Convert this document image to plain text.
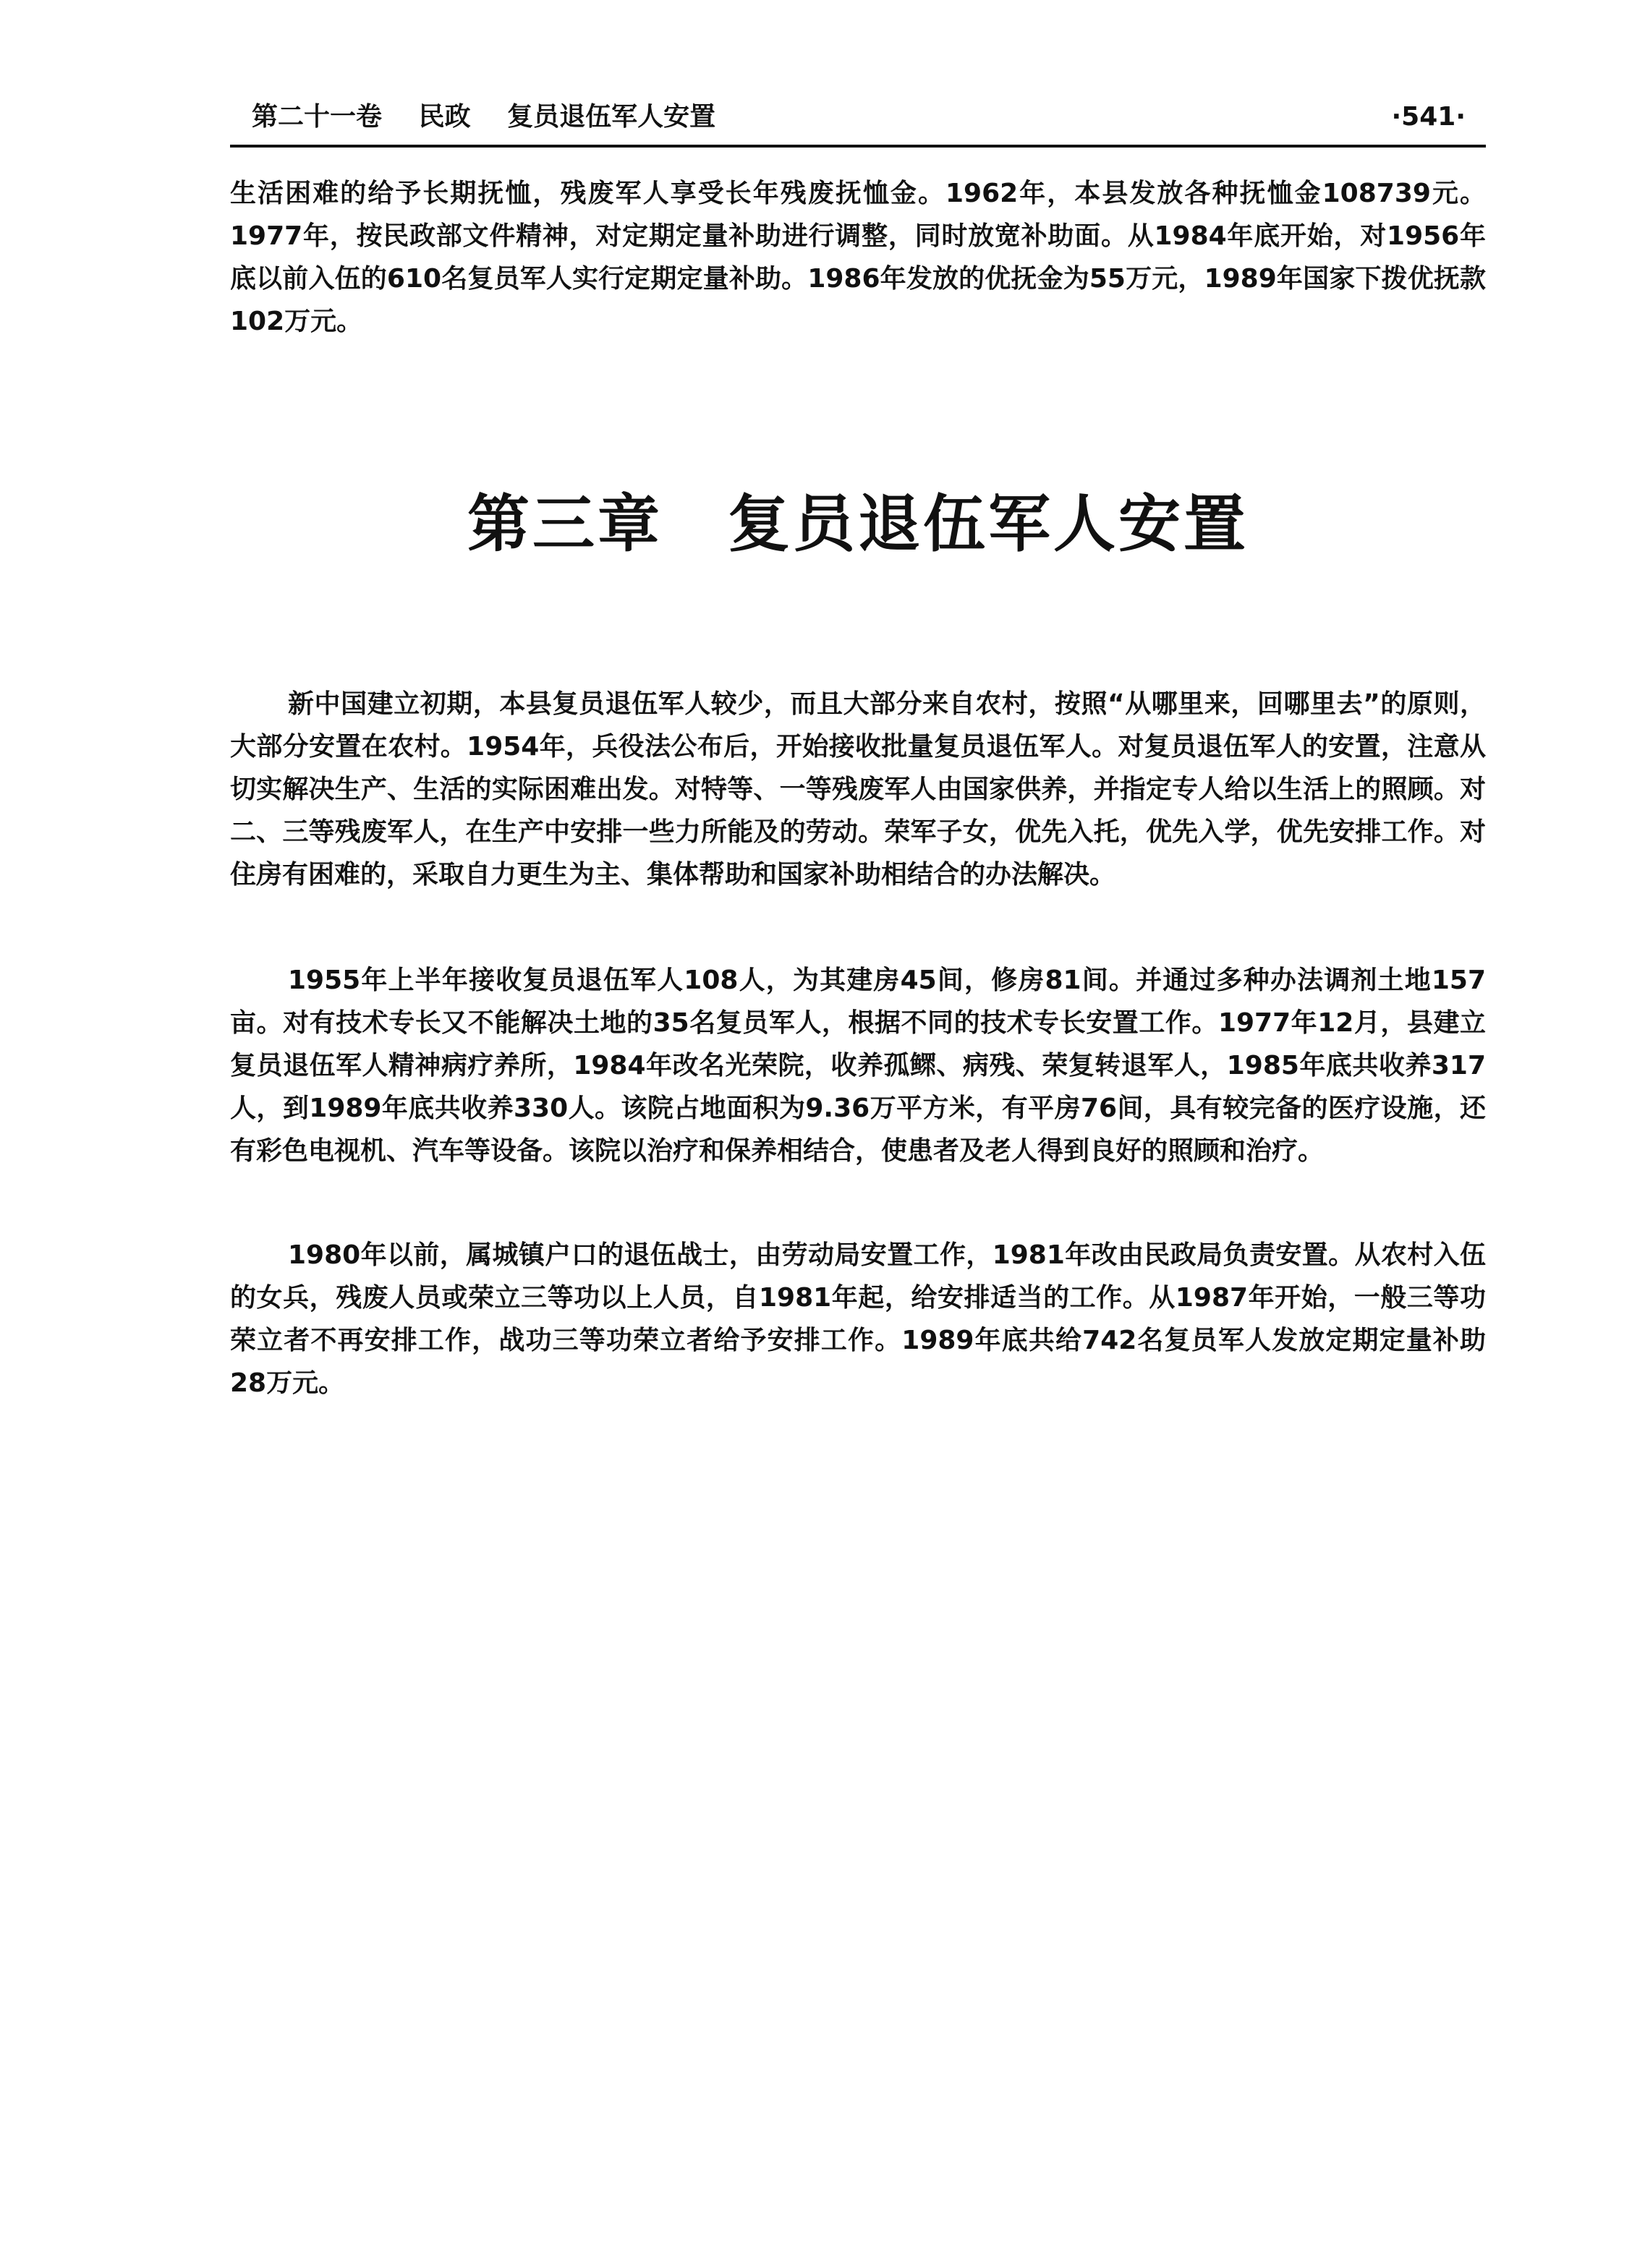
第二十一卷 民政 复员退伍军人安置	·541·

生活困难的给予长期抚恤，残废军人享受长年残废抚恤金。1962年，本县发放各种抚恤金108739元。1977年，按民政部文件精神，对定期定量补助进行调整，同时放宽补助面。从1984年底开始，对1956年底以前入伍的610名复员军人实行定期定量补助。1986年发放的优抚金为55万元，1989年国家下拨优抚款102万元。

第三章　复员退伍军人安置

新中国建立初期，本县复员退伍军人较少，而且大部分来自农村，按照“从哪里来，回哪里去”的原则，大部分安置在农村。1954年，兵役法公布后，开始接收批量复员退伍军人。对复员退伍军人的安置，注意从切实解决生产、生活的实际困难出发。对特等、一等残废军人由国家供养，并指定专人给以生活上的照顾。对二、三等残废军人，在生产中安排一些力所能及的劳动。荣军子女，优先入托，优先入学，优先安排工作。对住房有困难的，采取自力更生为主、集体帮助和国家补助相结合的办法解决。

1955年上半年接收复员退伍军人108人，为其建房45间，修房81间。并通过多种办法调剂土地157亩。对有技术专长又不能解决土地的35名复员军人，根据不同的技术专长安置工作。1977年12月，县建立复员退伍军人精神病疗养所，1984年改名光荣院，收养孤鳏、病残、荣复转退军人，1985年底共收养317人，到1989年底共收养330人。该院占地面积为9.36万平方米，有平房76间，具有较完备的医疗设施，还有彩色电视机、汽车等设备。该院以治疗和保养相结合，使患者及老人得到良好的照顾和治疗。

1980年以前，属城镇户口的退伍战士，由劳动局安置工作，1981年改由民政局负责安置。从农村入伍的女兵，残废人员或荣立三等功以上人员，自1981年起，给安排适当的工作。从1987年开始，一般三等功荣立者不再安排工作，战功三等功荣立者给予安排工作。1989年底共给742名复员军人发放定期定量补助28万元。
